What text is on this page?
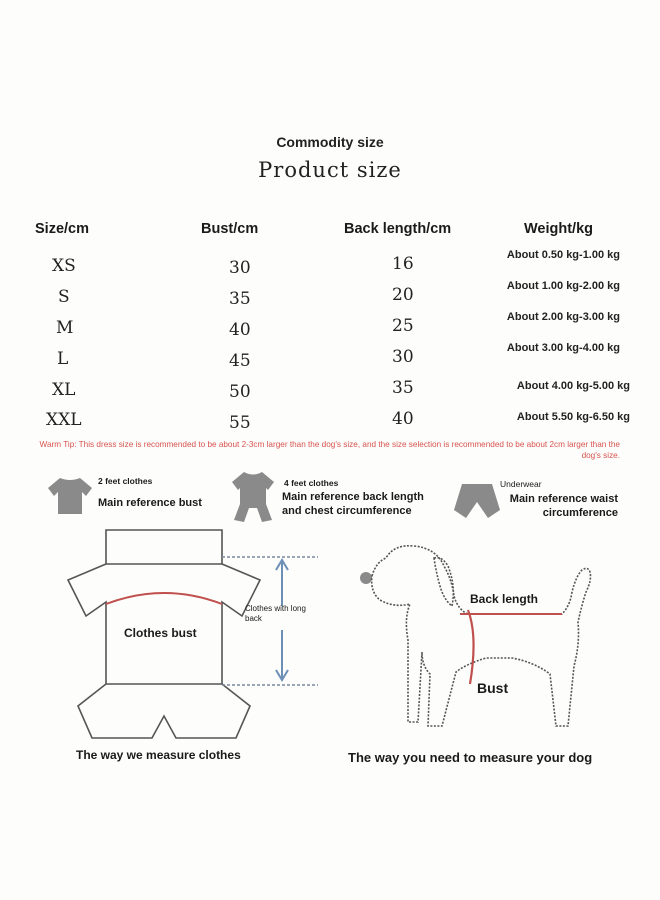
Commodity size
Product size
Size/cm	Bust/cm	Back length/cm	Weight/kg
XS	30	16	About 0.50 kg-1.00 kg
S	35	20	About 1.00 kg-2.00 kg
M	40	25	About 2.00 kg-3.00 kg
L	45	30	About 3.00 kg-4.00 kg
XL	50	35	About 4.00 kg-5.00 kg
XXL	55	40	About 5.50 kg-6.50 kg
Warm Tip: This dress size is recommended to be about 2-3cm larger than the dog's size, and the size selection is recommended to be about 2cm larger than the dog's size.
2 feet clothes
Main reference bust
4 feet clothes
Main reference back length and chest circumference
Underwear
Main reference waist circumference
Clothes bust
Clothes with long back
The way we measure clothes
Back length
Bust
The way you need to measure your dog
